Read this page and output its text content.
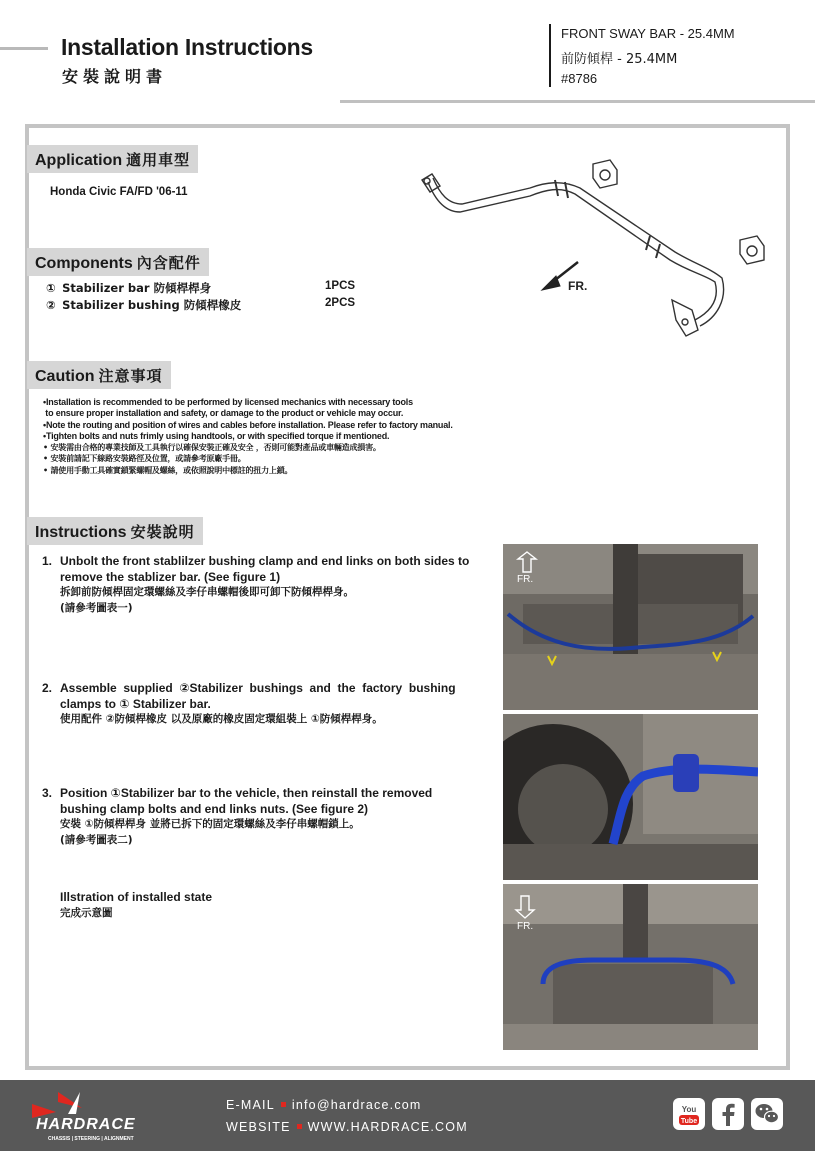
Installation Instructions
安裝說明書
FRONT SWAY BAR - 25.4MM
前防傾桿 - 25.4MM
#8786
Application 適用車型
Honda Civic FA/FD '06-11
Components 內含配件
① Stabilizer bar 防傾桿桿身	1PCS
② Stabilizer bushing 防傾桿橡皮	2PCS
FR.
Caution 注意事項
•Installation is recommended to be performed by licensed mechanics with necessary tools
to ensure proper installation and safety, or damage to the product or vehicle may occur.
•Note the routing and position of wires and cables before installation. Please refer to factory manual.
•Tighten bolts and nuts frimly using handtools, or with specified torque if mentioned.
• 安裝需由合格的專業技師及工具執行以確保安裝正確及安全 ，否則可能對產品或車輛造成損害。
• 安裝前請記下線路安裝路徑及位置，或請參考原廠手冊。
• 請使用手動工具確實鎖緊螺帽及螺絲，或依照說明中標註的扭力上鎖。
Instructions 安裝說明
1. Unbolt the front stablilzer bushing clamp and end links on both sides to
remove the stablizer bar. (See figure 1)
拆卸前防傾桿固定環螺絲及李仔串螺帽後即可卸下防傾桿桿身。
(請參考圖表一)
2. Assemble  supplied  ②Stabilizer  bushings  and  the  factory  bushing
clamps to ① Stabilizer bar.
使用配件 ②防傾桿橡皮 以及原廠的橡皮固定環組裝上 ①防傾桿桿身。
3. Position ①Stabilizer bar to the vehicle, then reinstall the removed
bushing clamp bolts and end links nuts. (See figure 2)
安裝 ①防傾桿桿身 並將已拆下的固定環螺絲及李仔串螺帽鎖上。
(請參考圖表二)
Illstration of installed state
完成示意圖
FR.
FR.
HARDRACE
CHASSIS | STEERING | ALIGNMENT
E-MAIL info@hardrace.com
WEBSITE WWW.HARDRACE.COM
You
Tube
